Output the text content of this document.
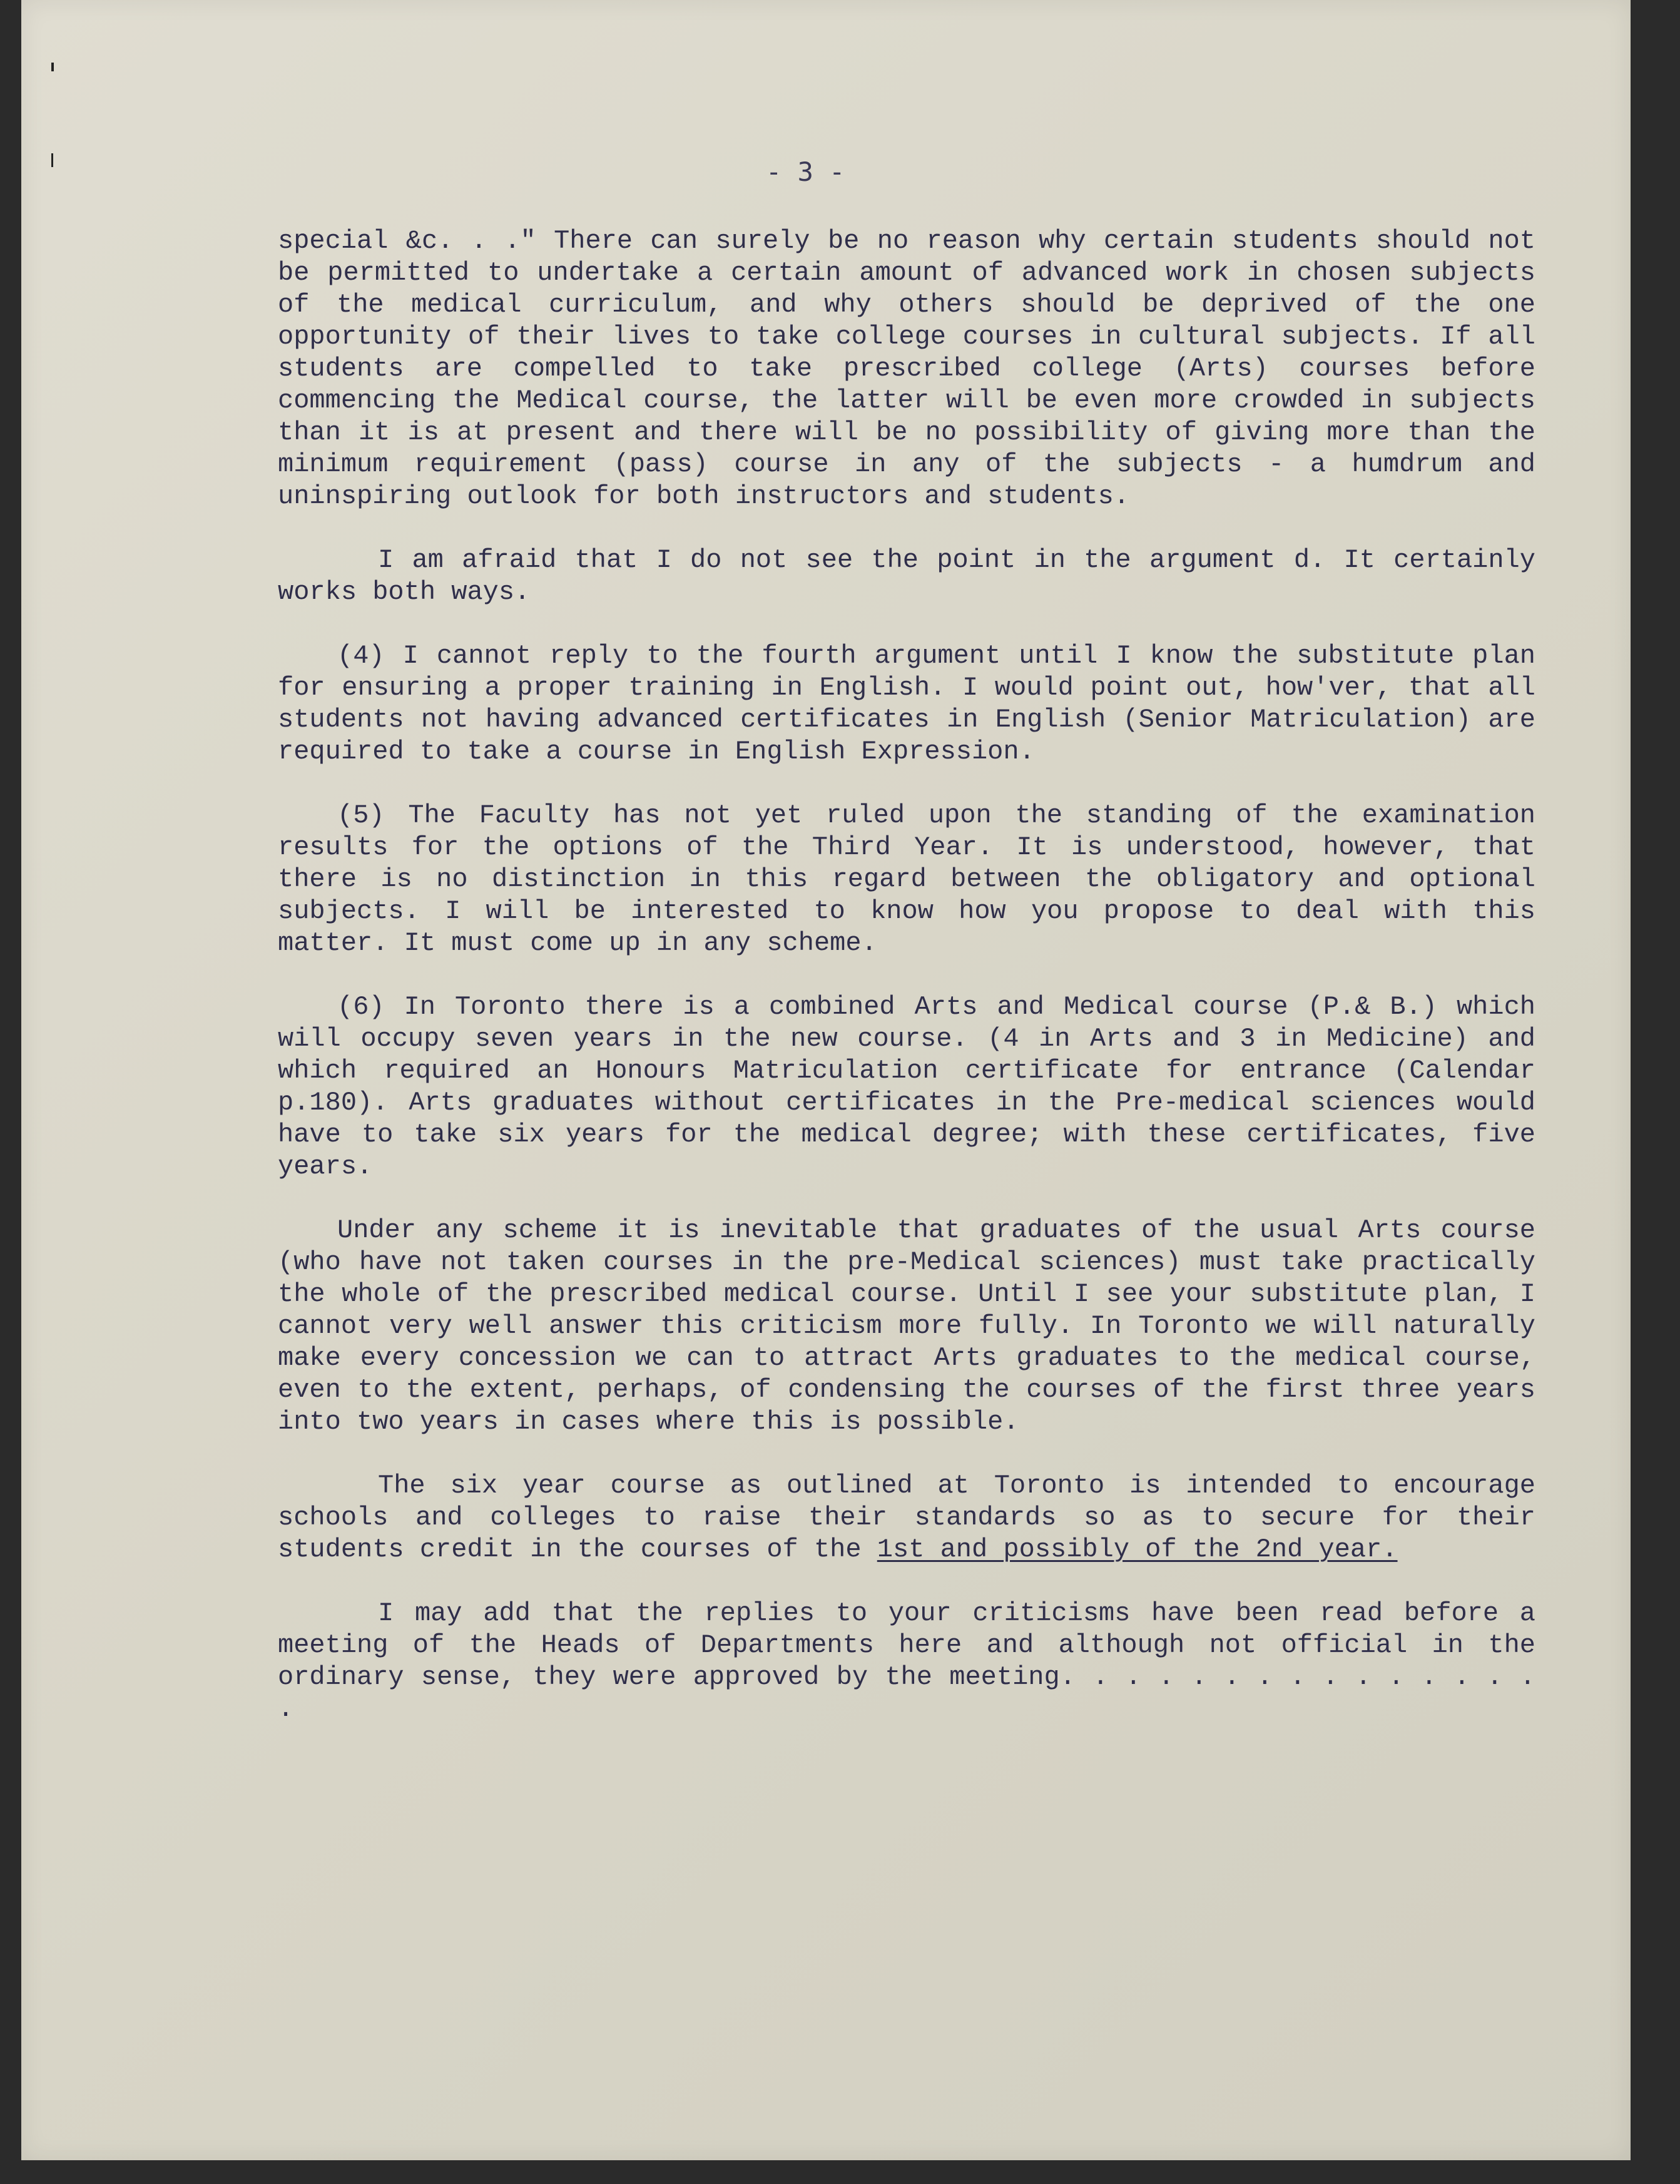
- 3 -

special &c. . ." There can surely be no reason why certain students should not be permitted to undertake a certain amount of advanced work in chosen subjects of the medical curriculum, and why others should be deprived of the one opportunity of their lives to take college courses in cultural subjects. If all students are compelled to take prescribed college (Arts) courses before commencing the Medical course, the latter will be even more crowded in subjects than it is at present and there will be no possibility of giving more than the minimum requirement (pass) course in any of the subjects - a humdrum and uninspiring outlook for both instructors and students.

I am afraid that I do not see the point in the argument d. It certainly works both ways.

(4) I cannot reply to the fourth argument until I know the substitute plan for ensuring a proper training in English. I would point out, how'ver, that all students not having advanced certificates in English (Senior Matriculation) are required to take a course in English Expression.

(5) The Faculty has not yet ruled upon the standing of the examination results for the options of the Third Year. It is understood, however, that there is no distinction in this regard between the obligatory and optional subjects. I will be interested to know how you propose to deal with this matter. It must come up in any scheme.

(6) In Toronto there is a combined Arts and Medical course (P.& B.) which will occupy seven years in the new course. (4 in Arts and 3 in Medicine) and which required an Honours Matriculation certificate for entrance (Calendar p.180). Arts graduates without certificates in the Pre-medical sciences would have to take six years for the medical degree; with these certificates, five years.

Under any scheme it is inevitable that graduates of the usual Arts course (who have not taken courses in the pre-Medical sciences) must take practically the whole of the prescribed medical course. Until I see your substitute plan, I cannot very well answer this criticism more fully. In Toronto we will naturally make every concession we can to attract Arts graduates to the medical course, even to the extent, perhaps, of condensing the courses of the first three years into two years in cases where this is possible.

The six year course as outlined at Toronto is intended to encourage schools and colleges to raise their standards so as to secure for their students credit in the courses of the 1st and possibly of the 2nd year.

I may add that the replies to your criticisms have been read before a meeting of the Heads of Departments here and although not official in the ordinary sense, they were approved by the meeting. . . . . . . . . . . . . . . .
